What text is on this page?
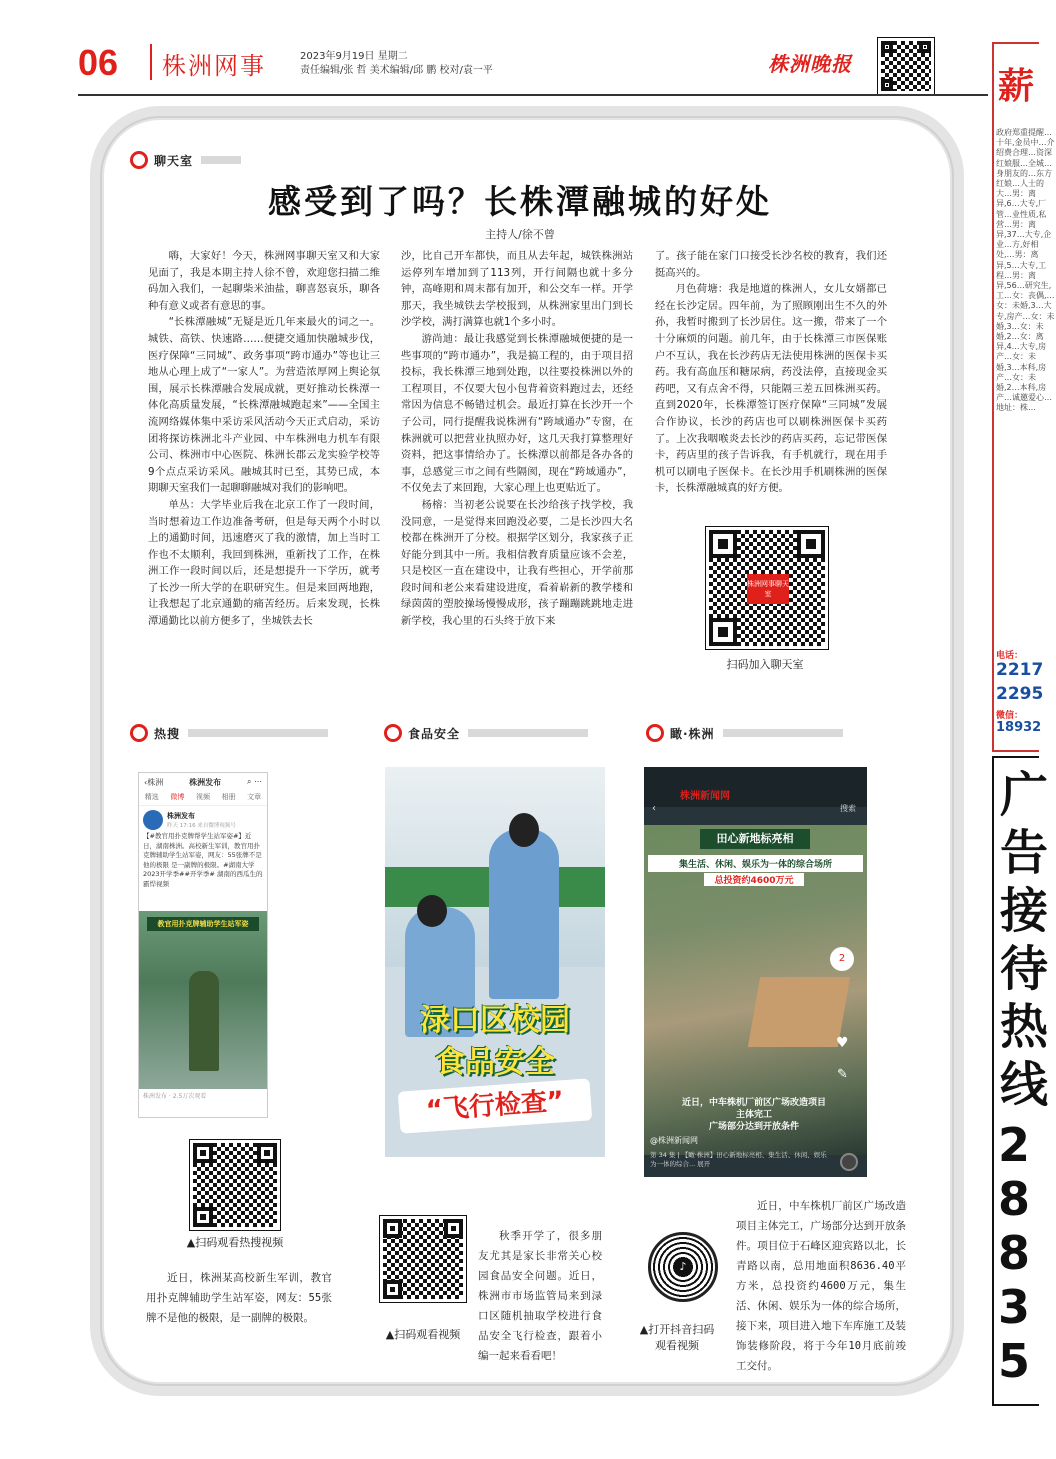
06 株洲网事	2023年9月19日 星期二
责任编辑/张 哲 美术编辑/邱 鹏 校对/袁一平	株洲晚报
聊天室
感受到了吗？长株潭融城的好处
主持人/徐不曾

嗨，大家好！今天，株洲网事聊天室又和大家见面了，我是本期主持人徐不曾，欢迎您扫描二维码加入我们，一起聊柴米油盐，聊喜怒哀乐，聊各种有意义或者有意思的事。

“长株潭融城”无疑是近几年来最火的词之一。城铁、高铁、快速路……便捷交通加快融城步伐，医疗保障“三同城”、政务事项“跨市通办”等也让三地从心理上成了“一家人”。为营造浓厚网上舆论氛围，展示长株潭融合发展成就，更好推动长株潭一体化高质量发展，“长株潭融城跑起来”——全国主流网络媒体集中采访采风活动今天正式启动，采访团将探访株洲北斗产业园、中车株洲电力机车有限公司、株洲市中心医院、株洲长郡云龙实验学校等9个点点采访采风。融城其时已至，其势已成，本期聊天室我们一起聊聊融城对我们的影响吧。

单丛：大学毕业后我在北京工作了一段时间，当时想着边工作边准备考研，但是每天两个小时以上的通勤时间，迅速磨灭了我的激情，加上当时工作也不太顺利，我回到株洲，重新找了工作，在株洲工作一段时间以后，还是想提升一下学历，就考了长沙一所大学的在职研究生。但是来回两地跑，让我想起了北京通勤的痛苦经历。后来发现，长株潭通勤比以前方便多了，坐城铁去长

沙，比自己开车都快，而且从去年起，城铁株洲站运停列车增加到了113列，开行间隔也就十多分钟，高峰期和周末都有加开，和公交车一样。开学那天，我坐城铁去学校报到，从株洲家里出门到长沙学校，满打满算也就1个多小时。

游尚迪：最让我感觉到长株潭融城便捷的是一些事项的“跨市通办”，我是搞工程的，由于项目招投标，我长株潭三地到处跑，以往要投株洲以外的工程项目，不仅要大包小包背着资料跑过去，还经常因为信息不畅错过机会。最近打算在长沙开一个子公司，同行提醒我说株洲有“跨域通办”专窗，在株洲就可以把营业执照办好，这几天我打算整理好资料，把这事情给办了。长株潭以前都是各办各的事，总感觉三市之间有些隔阂，现在“跨域通办”，不仅免去了来回跑，大家心理上也更贴近了。

杨榕：当初老公说要在长沙给孩子找学校，我没同意，一是觉得来回跑没必要，二是长沙四大名校都在株洲开了分校。根据学区划分，我家孩子正好能分到其中一所。我相信教育质量应该不会差，只是校区一直在建设中，让我有些担心，开学前那段时间和老公来看建设进度，看着崭新的教学楼和绿茵茵的塑胶操场慢慢成形，孩子蹦蹦跳跳地走进新学校，我心里的石头终于放下来

了。孩子能在家门口接受长沙名校的教育，我们还挺高兴的。

月色荷塘：我是地道的株洲人，女儿女婿都已经在长沙定居。四年前，为了照顾刚出生不久的外孙，我暂时搬到了长沙居住。这一搬，带来了一个十分麻烦的问题。前几年，由于长株潭三市医保账户不互认，我在长沙药店无法使用株洲的医保卡买药。我有高血压和糖尿病，药没法停，直接现金买药吧，又有点舍不得，只能隔三差五回株洲买药。直到2020年，长株潭签订医疗保障“三同城”发展合作协议，长沙的药店也可以刷株洲医保卡买药了。上次我咽喉炎去长沙的药店买药，忘记带医保卡，药店里的孩子告诉我，有手机就行，现在用手机可以刷电子医保卡。在长沙用手机刷株洲的医保卡，长株潭融城真的好方便。

株洲网事聊天室
扫码加入聊天室
热搜
‹株洲	株洲发布	⌕ ⋯
精选 微博 视频 相册 文章
株洲发布
昨天 17:16 来自微博视频号
【#教官用扑克牌帮学生站军姿#】近日，湖南株洲。高校新生军训，教官用扑克牌辅助学生站军姿，网友：55张牌不是他的极限 是一副牌的极限。#湖南大学2023开学季##开学季# 湖南的西瓜生的霸悍视频
教官用扑克牌辅助学生站军姿
株洲发布 · 2.5万次观看
▲扫码观看热搜视频

近日，株洲某高校新生军训，教官用扑克牌辅助学生站军姿，网友：55张牌不是他的极限，是一副牌的极限。

食品安全
渌口区校园
食品安全
“飞行检查”
▲扫码观看视频

秋季开学了，很多朋友尤其是家长非常关心校园食品安全问题。近日，株洲市市场监管局来到渌口区随机抽取学校进行食品安全飞行检查，跟着小编一起来看看吧！

瞰·株洲
‹
株洲新闻网
搜索
田心新地标亮相
集生活、休闲、娱乐为一体的综合场所
总投资约4600万元
2
♥
✎
近日，中车株机厂前区广场改造项目
主体完工
广场部分达到开放条件
@株洲新闻网
第 34 集 | 【瞰·株洲】田心新地标亮相、集生活、休闲、娱乐为一体的综合... 展开
♪
▲打开抖音扫码观看视频

近日，中车株机厂前区广场改造项目主体完工，广场部分达到开放条件。项目位于石峰区迎宾路以北，长青路以南，总用地面积8636.40平方米，总投资约4600万元，集生活、休闲、娱乐为一体的综合场所，接下来，项目进入地下车库施工及装饰装修阶段，将于今年10月底前竣工交付。

薪
政府郑重提醒… 十年,金员中…介绍费合理…资深红娘服…全城…身朋友的…东方红娘…人士的大…男：离异,6…大专,厂管…业性质,私营…男：离异,37…大专,企业…方,好相处,…男：离异,5…大专,工程…男：离异,56…研究生,工…女：丧偶,…女：未婚,3…大专,房产…女：未婚,3…女：未婚,2…女：离异,4…大专,房产…女：未婚,3…本科,房产…女：未婚,2…本科,房产…诚邀爱心…地址：株…
电话：
2217
2295
微信：
18932
广
告
接
待
热
线
2
8
8
3
5
